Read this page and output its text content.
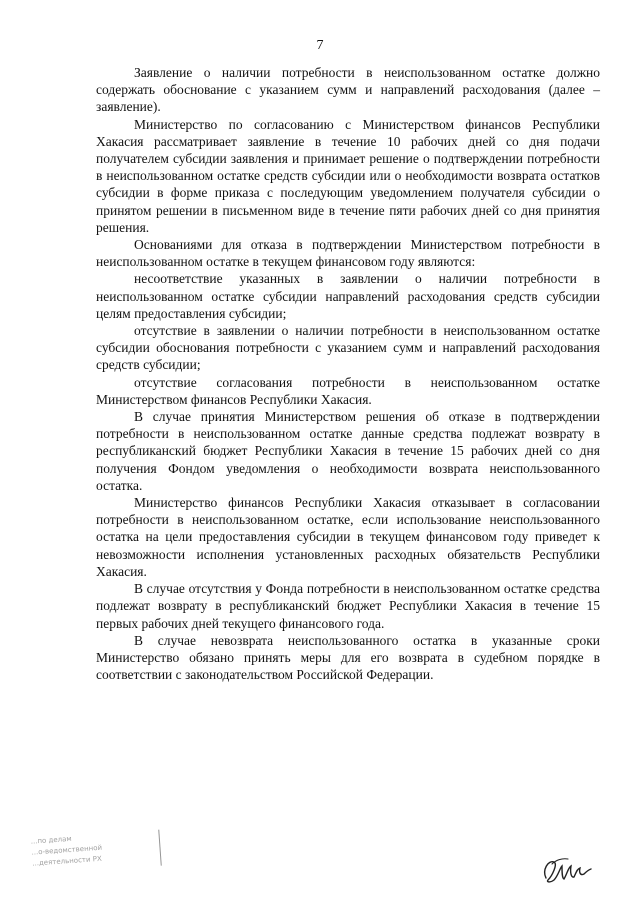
7

Заявление о наличии потребности в неиспользованном остатке должно содержать обоснование с указанием сумм и направлений расходования (далее – заявление).

Министерство по согласованию с Министерством финансов Республики Хакасия рассматривает заявление в течение 10 рабочих дней со дня подачи получателем субсидии заявления и принимает решение о подтверждении потребности в неиспользованном остатке средств субсидии или о необходимости возврата остатков субсидии в форме приказа с последующим уведомлением получателя субсидии о принятом решении в письменном виде в течение пяти рабочих дней со дня принятия решения.

Основаниями для отказа в подтверждении Министерством потребности в неиспользованном остатке в текущем финансовом году являются:

несоответствие указанных в заявлении о наличии потребности в неиспользованном остатке субсидии направлений расходования средств субсидии целям предоставления субсидии;

отсутствие в заявлении о наличии потребности в неиспользованном остатке субсидии обоснования потребности с указанием сумм и направлений расходования средств субсидии;

отсутствие согласования потребности в неиспользованном остатке Министерством финансов Республики Хакасия.

В случае принятия Министерством решения об отказе в подтверждении потребности в неиспользованном остатке данные средства подлежат возврату в республиканский бюджет Республики Хакасия в течение 15 рабочих дней со дня получения Фондом уведомления о необходимости возврата неиспользованного остатка.

Министерство финансов Республики Хакасия отказывает в согласовании потребности в неиспользованном остатке, если использование неиспользованного остатка на цели предоставления субсидии в текущем финансовом году приведет к невозможности исполнения установленных расходных обязательств Республики Хакасия.

В случае отсутствия у Фонда потребности в неиспользованном остатке средства подлежат возврату в республиканский бюджет Республики Хакасия в течение 15 первых рабочих дней текущего финансового года.

В случае невозврата неиспользованного остатка в указанные сроки Министерство обязано принять меры для его возврата в судебном порядке в соответствии с законодательством Российской Федерации.

...по делам
...о-ведомственной
...деятельности РХ
